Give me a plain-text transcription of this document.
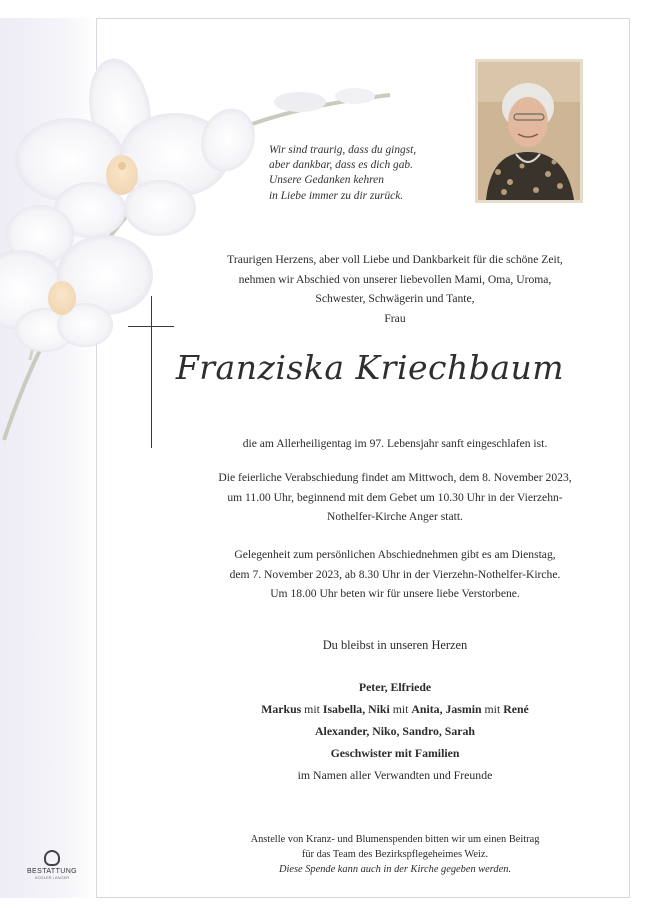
Wir sind traurig, dass du gingst,
aber dankbar, dass es dich gab.
Unsere Gedanken kehren
in Liebe immer zu dir zurück.
Traurigen Herzens, aber voll Liebe und Dankbarkeit für die schöne Zeit,
nehmen wir Abschied von unserer liebevollen Mami, Oma, Uroma,
Schwester, Schwägerin und Tante,
Frau
Franziska Kriechbaum
die am Allerheiligentag im 97. Lebensjahr sanft eingeschlafen ist.
Die feierliche Verabschiedung findet am Mittwoch, dem 8. November 2023,
um 11.00 Uhr, beginnend mit dem Gebet um 10.30 Uhr in der Vierzehn-
Nothelfer-Kirche Anger statt.
Gelegenheit zum persönlichen Abschiednehmen gibt es am Dienstag,
dem 7. November 2023, ab 8.30 Uhr in der Vierzehn-Nothelfer-Kirche.
Um 18.00 Uhr beten wir für unsere liebe Verstorbene.
Du bleibst in unseren Herzen
Peter, Elfriede
Markus mit Isabella, Niki mit Anita, Jasmin mit René
Alexander, Niko, Sandro, Sarah
Geschwister mit Familien
im Namen aller Verwandten und Freunde
Anstelle von Kranz- und Blumenspenden bitten wir um einen Beitrag
für das Team des Bezirkspflegeheimes Weiz.
Diese Spende kann auch in der Kirche gegeben werden.
BESTATTUNG
KOGLER • ANGER
